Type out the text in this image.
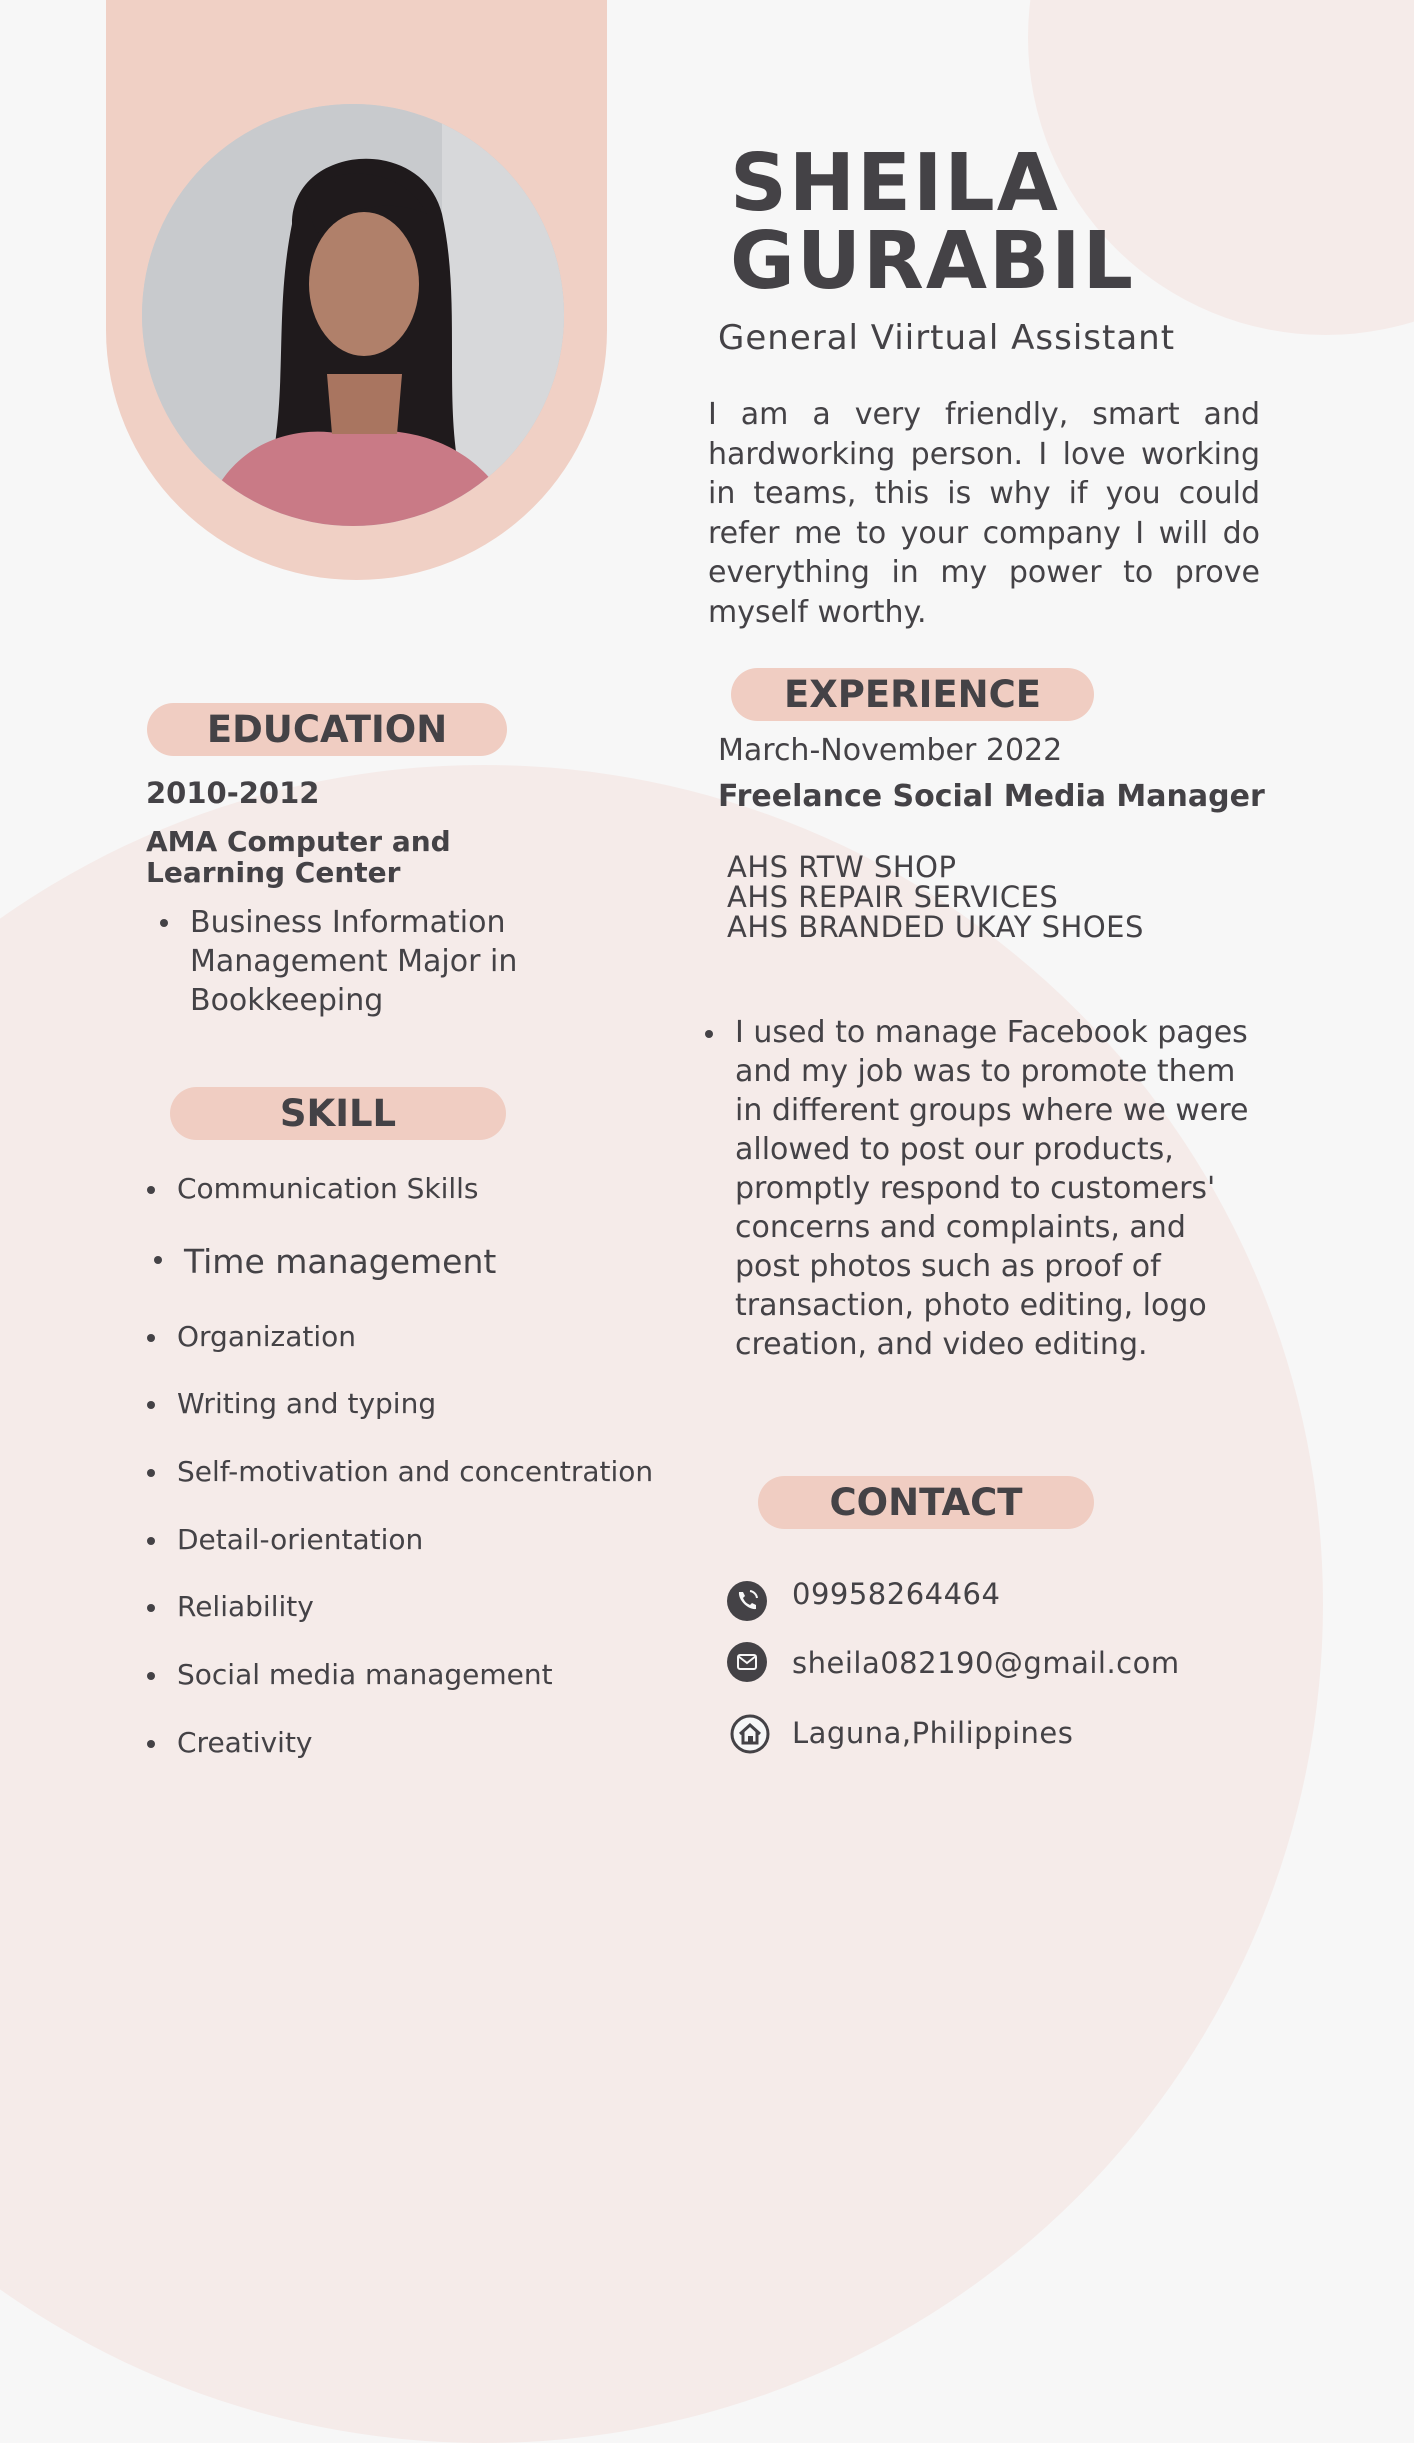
SHEILA
GURABIL
General Viirtual Assistant
I am a very friendly, smart and hardworking person. I love working in teams, this is why if you could refer me to your company I will do everything in my power to prove myself worthy.
EDUCATION
2010-2012
AMA Computer and Learning Center
Business Information Management Major in Bookkeeping
SKILL
Communication Skills
Time management
Organization
Writing and typing
Self-motivation and concentration
Detail-orientation
Reliability
Social media management
Creativity
EXPERIENCE
March-November 2022
Freelance Social Media Manager
AHS RTW SHOP
AHS REPAIR SERVICES
AHS BRANDED UKAY SHOES
I used to manage Facebook pages and my job was to promote them in different groups where we were allowed to post our products, promptly respond to customers' concerns and complaints, and post photos such as proof of transaction, photo editing, logo creation, and video editing.
CONTACT
09958264464
sheila082190@gmail.com
Laguna,Philippines
